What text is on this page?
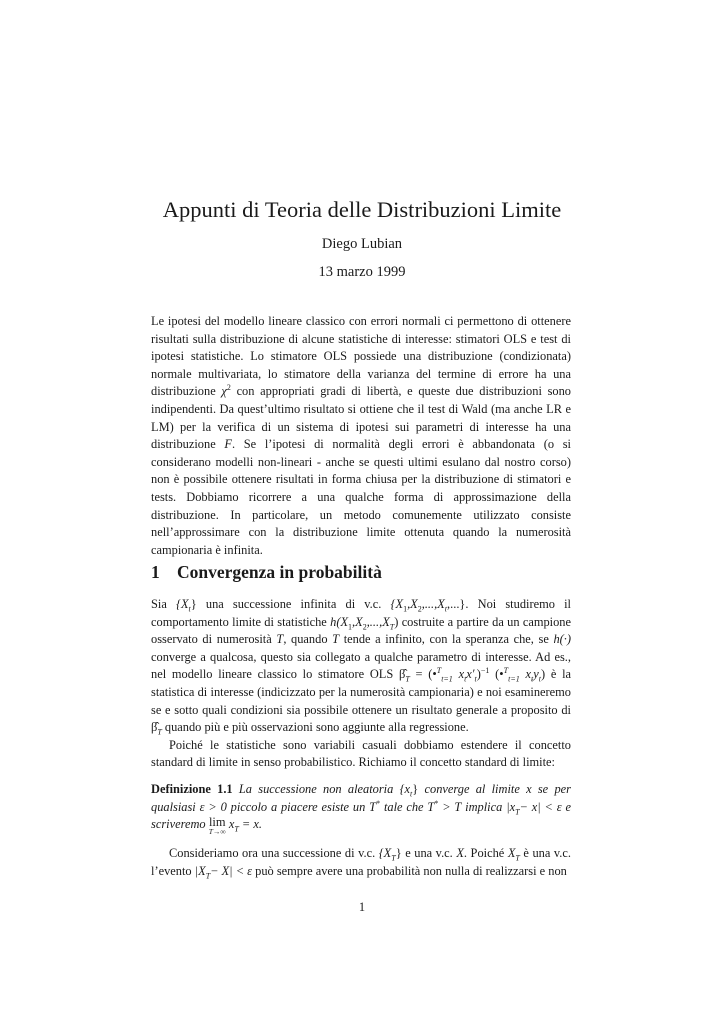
Appunti di Teoria delle Distribuzioni Limite
Diego Lubian
13 marzo 1999

Le ipotesi del modello lineare classico con errori normali ci permettono di ottenere risultati sulla distribuzione di alcune statistiche di interesse: stimatori OLS e test di ipotesi statistiche. Lo stimatore OLS possiede una distribuzione (condizionata) normale multivariata, lo stimatore della varianza del termine di errore ha una distribuzione $\chi^2$ con appropriati gradi di libertà, e queste due distribuzioni sono indipendenti. Da quest’ultimo risultato si ottiene che il test di Wald (ma anche LR e LM) per la verifica di un sistema di ipotesi sui parametri di interesse ha una distribuzione F. Se l’ipotesi di normalità degli errori è abbandonata (o si considerano modelli non-lineari - anche se questi ultimi esulano dal nostro corso) non è possibile ottenere risultati in forma chiusa per la distribuzione di stimatori e tests. Dobbiamo ricorrere a una qualche forma di approssimazione della distribuzione. In particolare, un metodo comunemente utilizzato consiste nell’approssimare con la distribuzione limite ottenuta quando la numerosità campionaria è infinita.

1 Convergenza in probabilità

Sia $\{X_t\}$ una successione infinita di v.c. $\{X_1,X_2,...,X_t,...\}$. Noi studiremo il comportamento limite di statistiche $h(X_1,X_2,...,X_T)$ costruite a partire da un campione osservato di numerosità T, quando T tende a infinito, con la speranza che, se h(·) converge a qualcosa, questo sia collegato a qualche parametro di interesse. Ad es., nel modello lineare classico lo stimatore OLS $\betâ_T$ = (•$^T_{t=1}$ $x_tx'_t)^{-1}$ (•$^T_{t=1}$ $x_ty_t$) è la statistica di interesse (indicizzato per la numerosità campionaria) e noi esamineremo se e sotto quali condizioni sia possibile ottenere un risultato generale a proposito di $\betâ_T$ quando più e più osservazioni sono aggiunte alla regressione.

Poiché le statistiche sono variabili casuali dobbiamo estendere il concetto standard di limite in senso probabilistico. Richiamo il concetto standard di limite:

Definizione 1.1 La successione non aleatoria $\{x_t\}$ converge al limite x se per qualsiasi ε > 0 piccolo a piacere esiste un T* tale che T* > T implica $|x_T- x| < \varepsilon$ e scriveremo lim
T→∞
$x_T = x$.

Consideriamo ora una successione di v.c. $\{X_T\}$ e una v.c. X. Poiché $X_T$ è una v.c. l’evento $|X_T- X| < \varepsilon$ può sempre avere una probabilità non nulla di realizzarsi e non

1
